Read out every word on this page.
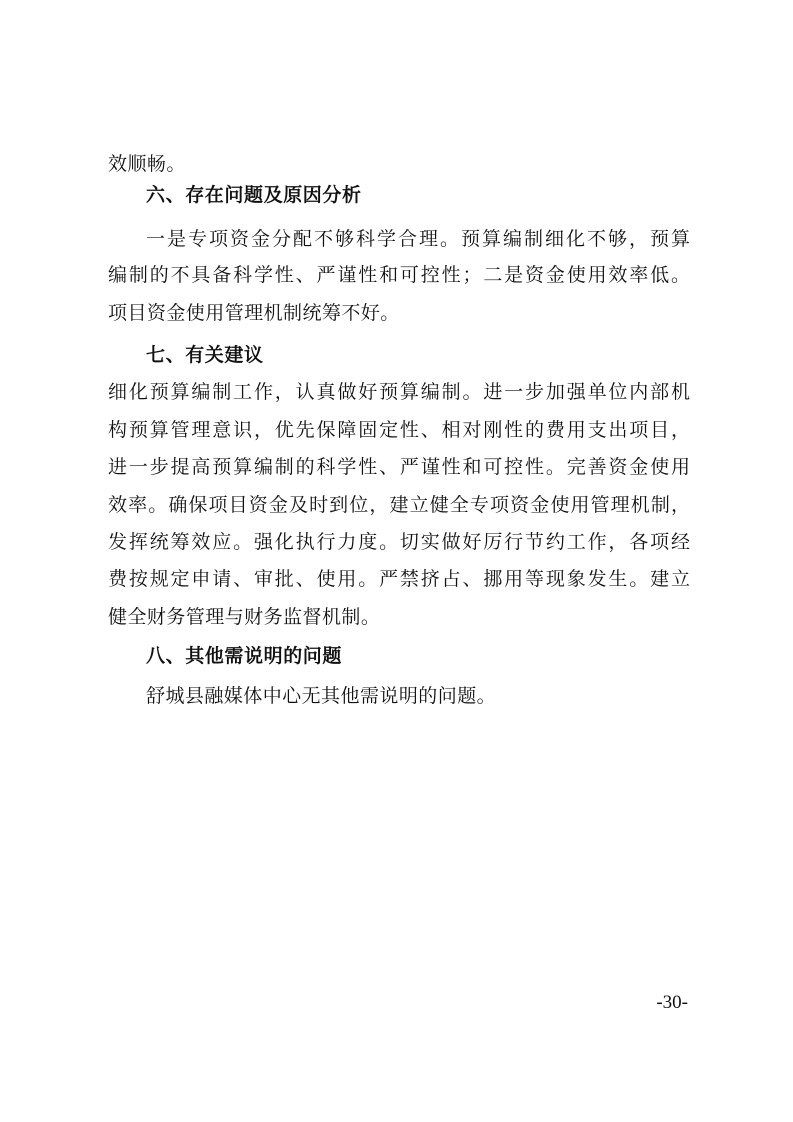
效顺畅。
六、存在问题及原因分析
一是专项资金分配不够科学合理。预算编制细化不够，预算
编制的不具备科学性、严谨性和可控性；二是资金使用效率低。
项目资金使用管理机制统筹不好。
七、有关建议
细化预算编制工作，认真做好预算编制。进一步加强单位内部机
构预算管理意识，优先保障固定性、相对刚性的费用支出项目，
进一步提高预算编制的科学性、严谨性和可控性。完善资金使用
效率。确保项目资金及时到位，建立健全专项资金使用管理机制，
发挥统筹效应。强化执行力度。切实做好厉行节约工作，各项经
费按规定申请、审批、使用。严禁挤占、挪用等现象发生。建立
健全财务管理与财务监督机制。
八、其他需说明的问题
舒城县融媒体中心无其他需说明的问题。
-30-
